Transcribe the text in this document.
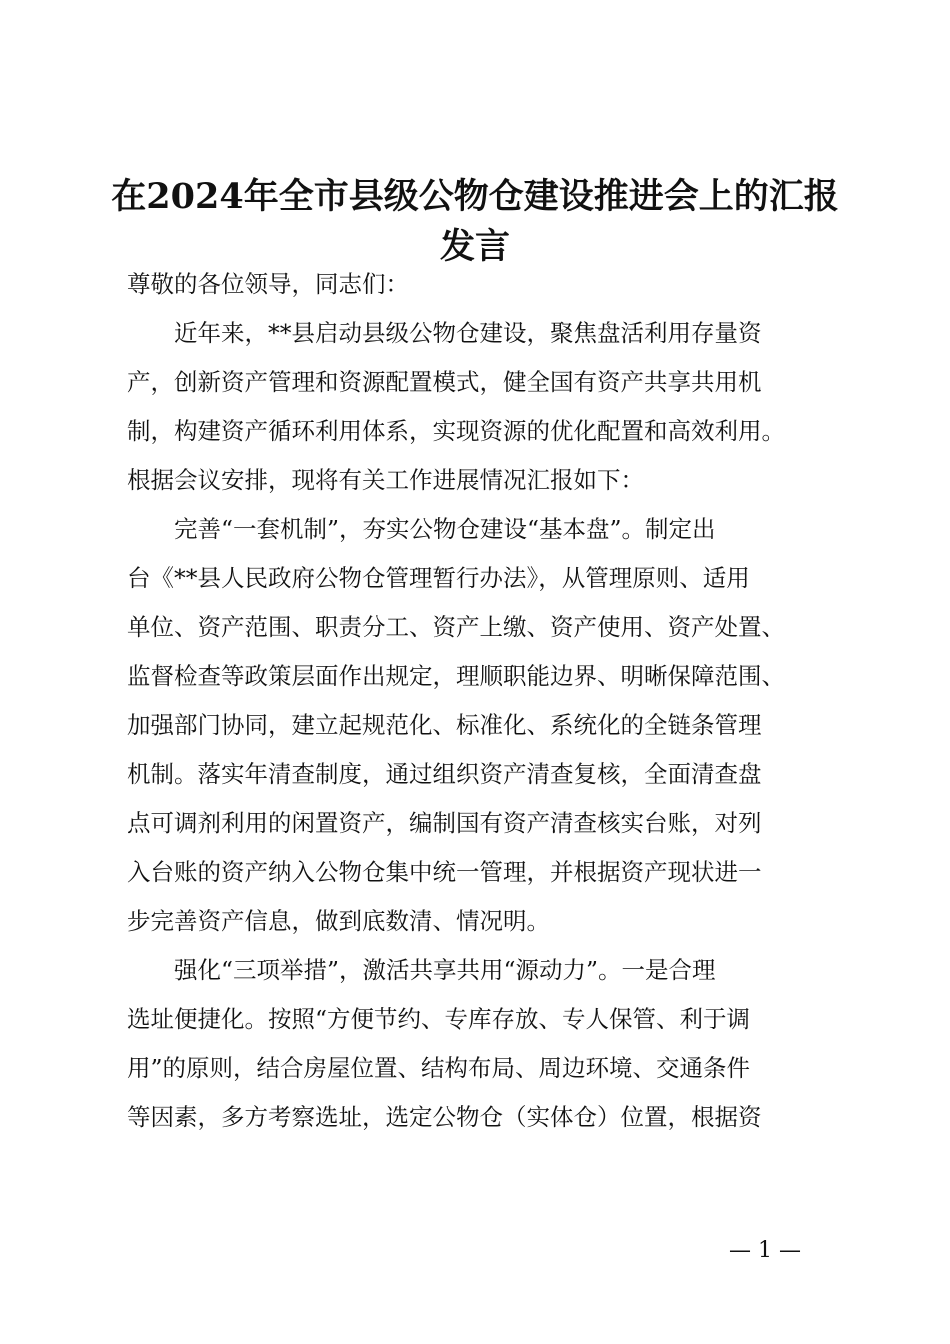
在2024年全市县级公物仓建设推进会上的汇报发言
尊敬的各位领导，同志们：
近年来，**县启动县级公物仓建设，聚焦盘活利用存量资
产，创新资产管理和资源配置模式，健全国有资产共享共用机
制，构建资产循环利用体系，实现资源的优化配置和高效利用。
根据会议安排，现将有关工作进展情况汇报如下：
完善“一套机制”，夯实公物仓建设“基本盘”。制定出
台《**县人民政府公物仓管理暂行办法》，从管理原则、适用
单位、资产范围、职责分工、资产上缴、资产使用、资产处置、
监督检查等政策层面作出规定，理顺职能边界、明晰保障范围、
加强部门协同，建立起规范化、标准化、系统化的全链条管理
机制。落实年清查制度，通过组织资产清查复核，全面清查盘
点可调剂利用的闲置资产，编制国有资产清查核实台账，对列
入台账的资产纳入公物仓集中统一管理，并根据资产现状进一
步完善资产信息，做到底数清、情况明。
强化“三项举措”，激活共享共用“源动力”。一是合理
选址便捷化。按照“方便节约、专库存放、专人保管、利于调
用”的原则，结合房屋位置、结构布局、周边环境、交通条件
等因素，多方考察选址，选定公物仓（实体仓）位置，根据资
— 1 —
